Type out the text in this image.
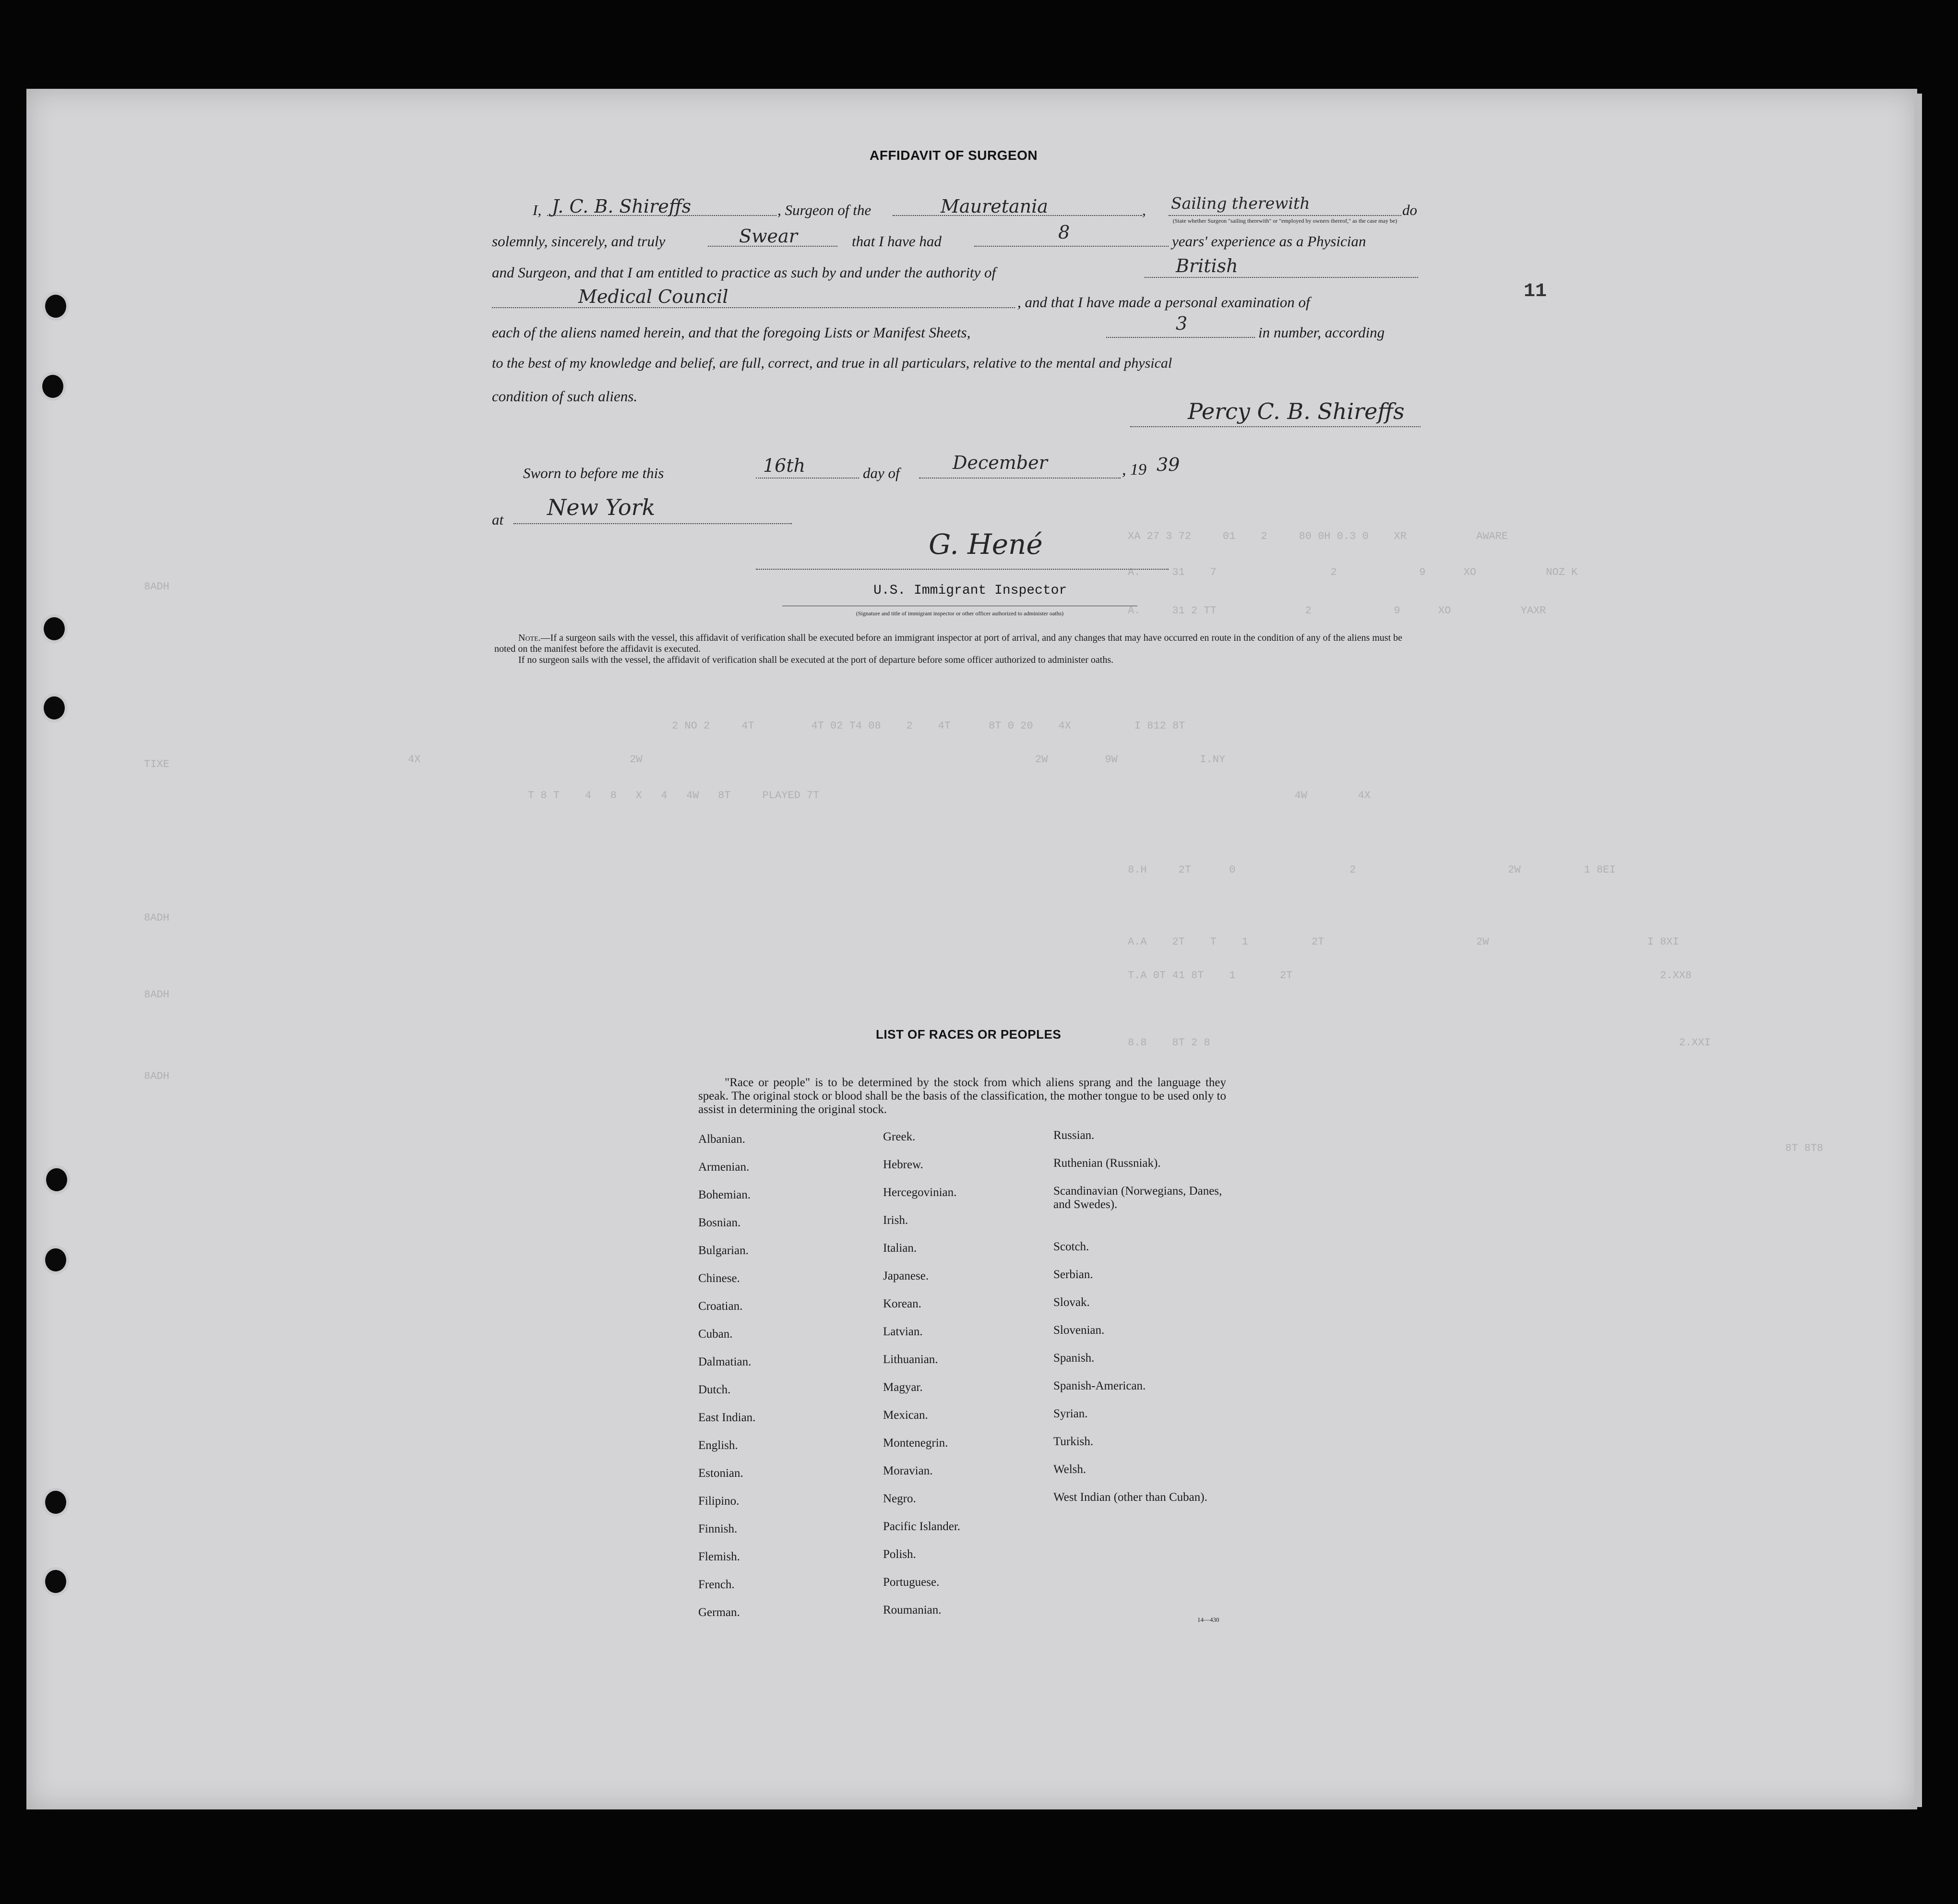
XA 27 3 72     01    2     80 0H 0.3 0    XR           AWARE
A.     31    7                  2             9      XO           NOZ K
A.     31 2 TT              2             9      XO           YAXR
2 NO 2     4T         4T 02 T4 08    2    4T      8T 0 20    4X          I 812 8T
4X                                 2W                                                              2W         9W             I.NY
T 8 T    4   8   X   4   4W   8T     PLAYED 7T                                                                           4W        4X
8.H     2T      0                  2                        2W          1 8EI
A.A    2T    T    1          2T                        2W                         I 8XI
T.A 0T 41 8T    1       2T                                                          2.XX8
8.8    8T 2 8                                                                          2.XXI
8ADH
TIXE
8ADH
8ADH
8ADH
8T 8T8
11
AFFIDAVIT OF SURGEON
I, J. C. B. Shireffs	, Surgeon of the	Mauretania	, Sailing therewith
(State whether Surgeon "sailing therewith" or "employed by owners thereof," as the case may be)
do
solemnly, sincerely, and truly	Swear	that I have had	8	years' experience as a Physician
and Surgeon, and that I am entitled to practice as such by and under the authority of	British
Medical Council	, and that I have made a personal examination of
each of the aliens named herein, and that the foregoing Lists or Manifest Sheets,	3	in number, according
to the best of my knowledge and belief, are full, correct, and true in all particulars, relative to the mental and physical
condition of such aliens.
Percy C. B. Shireffs
Sworn to before me this	16th	day of	December	, 19 39
at New York
G. Hené
U.S. Immigrant Inspector
(Signature and title of immigrant inspector or other officer authorized to administer oaths)
Note.—If a surgeon sails with the vessel, this affidavit of verification shall be executed before an immigrant inspector at port of arrival, and any changes that may have occurred en route in the condition of any of the aliens must be noted on the manifest before the affidavit is executed.
If no surgeon sails with the vessel, the affidavit of verification shall be executed at the port of departure before some officer authorized to administer oaths.
LIST OF RACES OR PEOPLES
"Race or people" is to be determined by the stock from which aliens sprang and the language they speak. The original stock or blood shall be the basis of the classification, the mother tongue to be used only to assist in determining the original stock.
Albanian.
Armenian.
Bohemian.
Bosnian.
Bulgarian.
Chinese.
Croatian.
Cuban.
Dalmatian.
Dutch.
East Indian.
English.
Estonian.
Filipino.
Finnish.
Flemish.
French.
German.
Greek.
Hebrew.
Hercegovinian.
Irish.
Italian.
Japanese.
Korean.
Latvian.
Lithuanian.
Magyar.
Mexican.
Montenegrin.
Moravian.
Negro.
Pacific Islander.
Polish.
Portuguese.
Roumanian.
Russian.
Ruthenian (Russniak).
Scandinavian (Norwegians, Danes, and Swedes).
Scotch.
Serbian.
Slovak.
Slovenian.
Spanish.
Spanish-American.
Syrian.
Turkish.
Welsh.
West Indian (other than Cuban).
14—430
